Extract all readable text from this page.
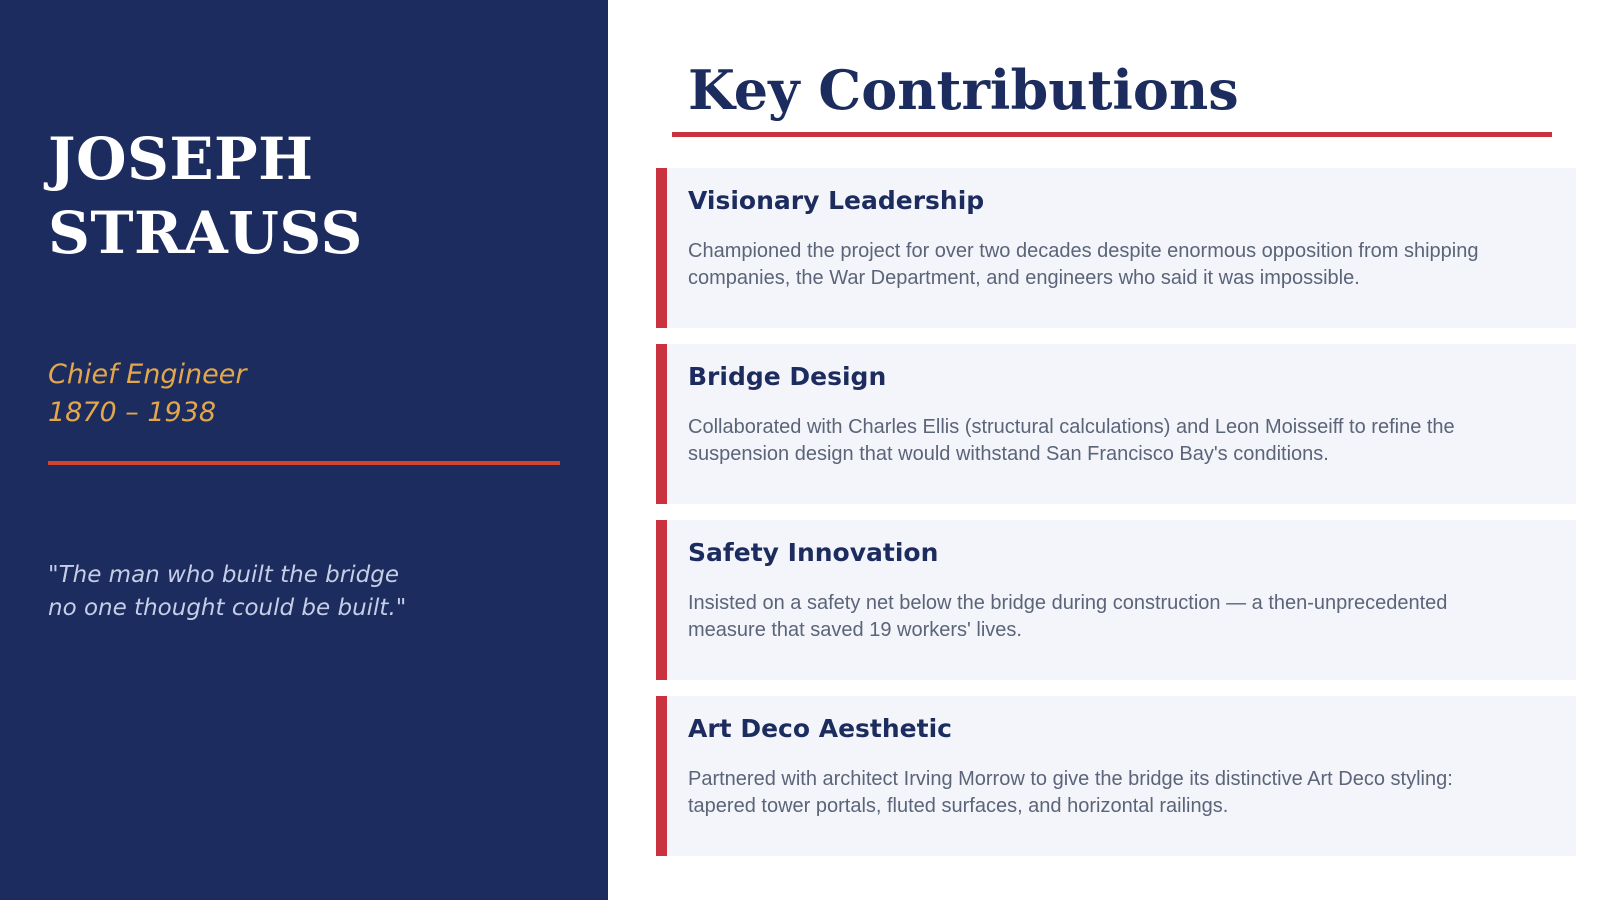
JOSEPH
STRAUSS
Chief Engineer
1870 – 1938
"The man who built the bridge
no one thought could be built."
Key Contributions
Visionary Leadership
Championed the project for over two decades despite enormous opposition from shipping companies, the War Department, and engineers who said it was impossible.
Bridge Design
Collaborated with Charles Ellis (structural calculations) and Leon Moisseiff to refine the suspension design that would withstand San Francisco Bay's conditions.
Safety Innovation
Insisted on a safety net below the bridge during construction — a then-unprecedented measure that saved 19 workers' lives.
Art Deco Aesthetic
Partnered with architect Irving Morrow to give the bridge its distinctive Art Deco styling: tapered tower portals, fluted surfaces, and horizontal railings.
